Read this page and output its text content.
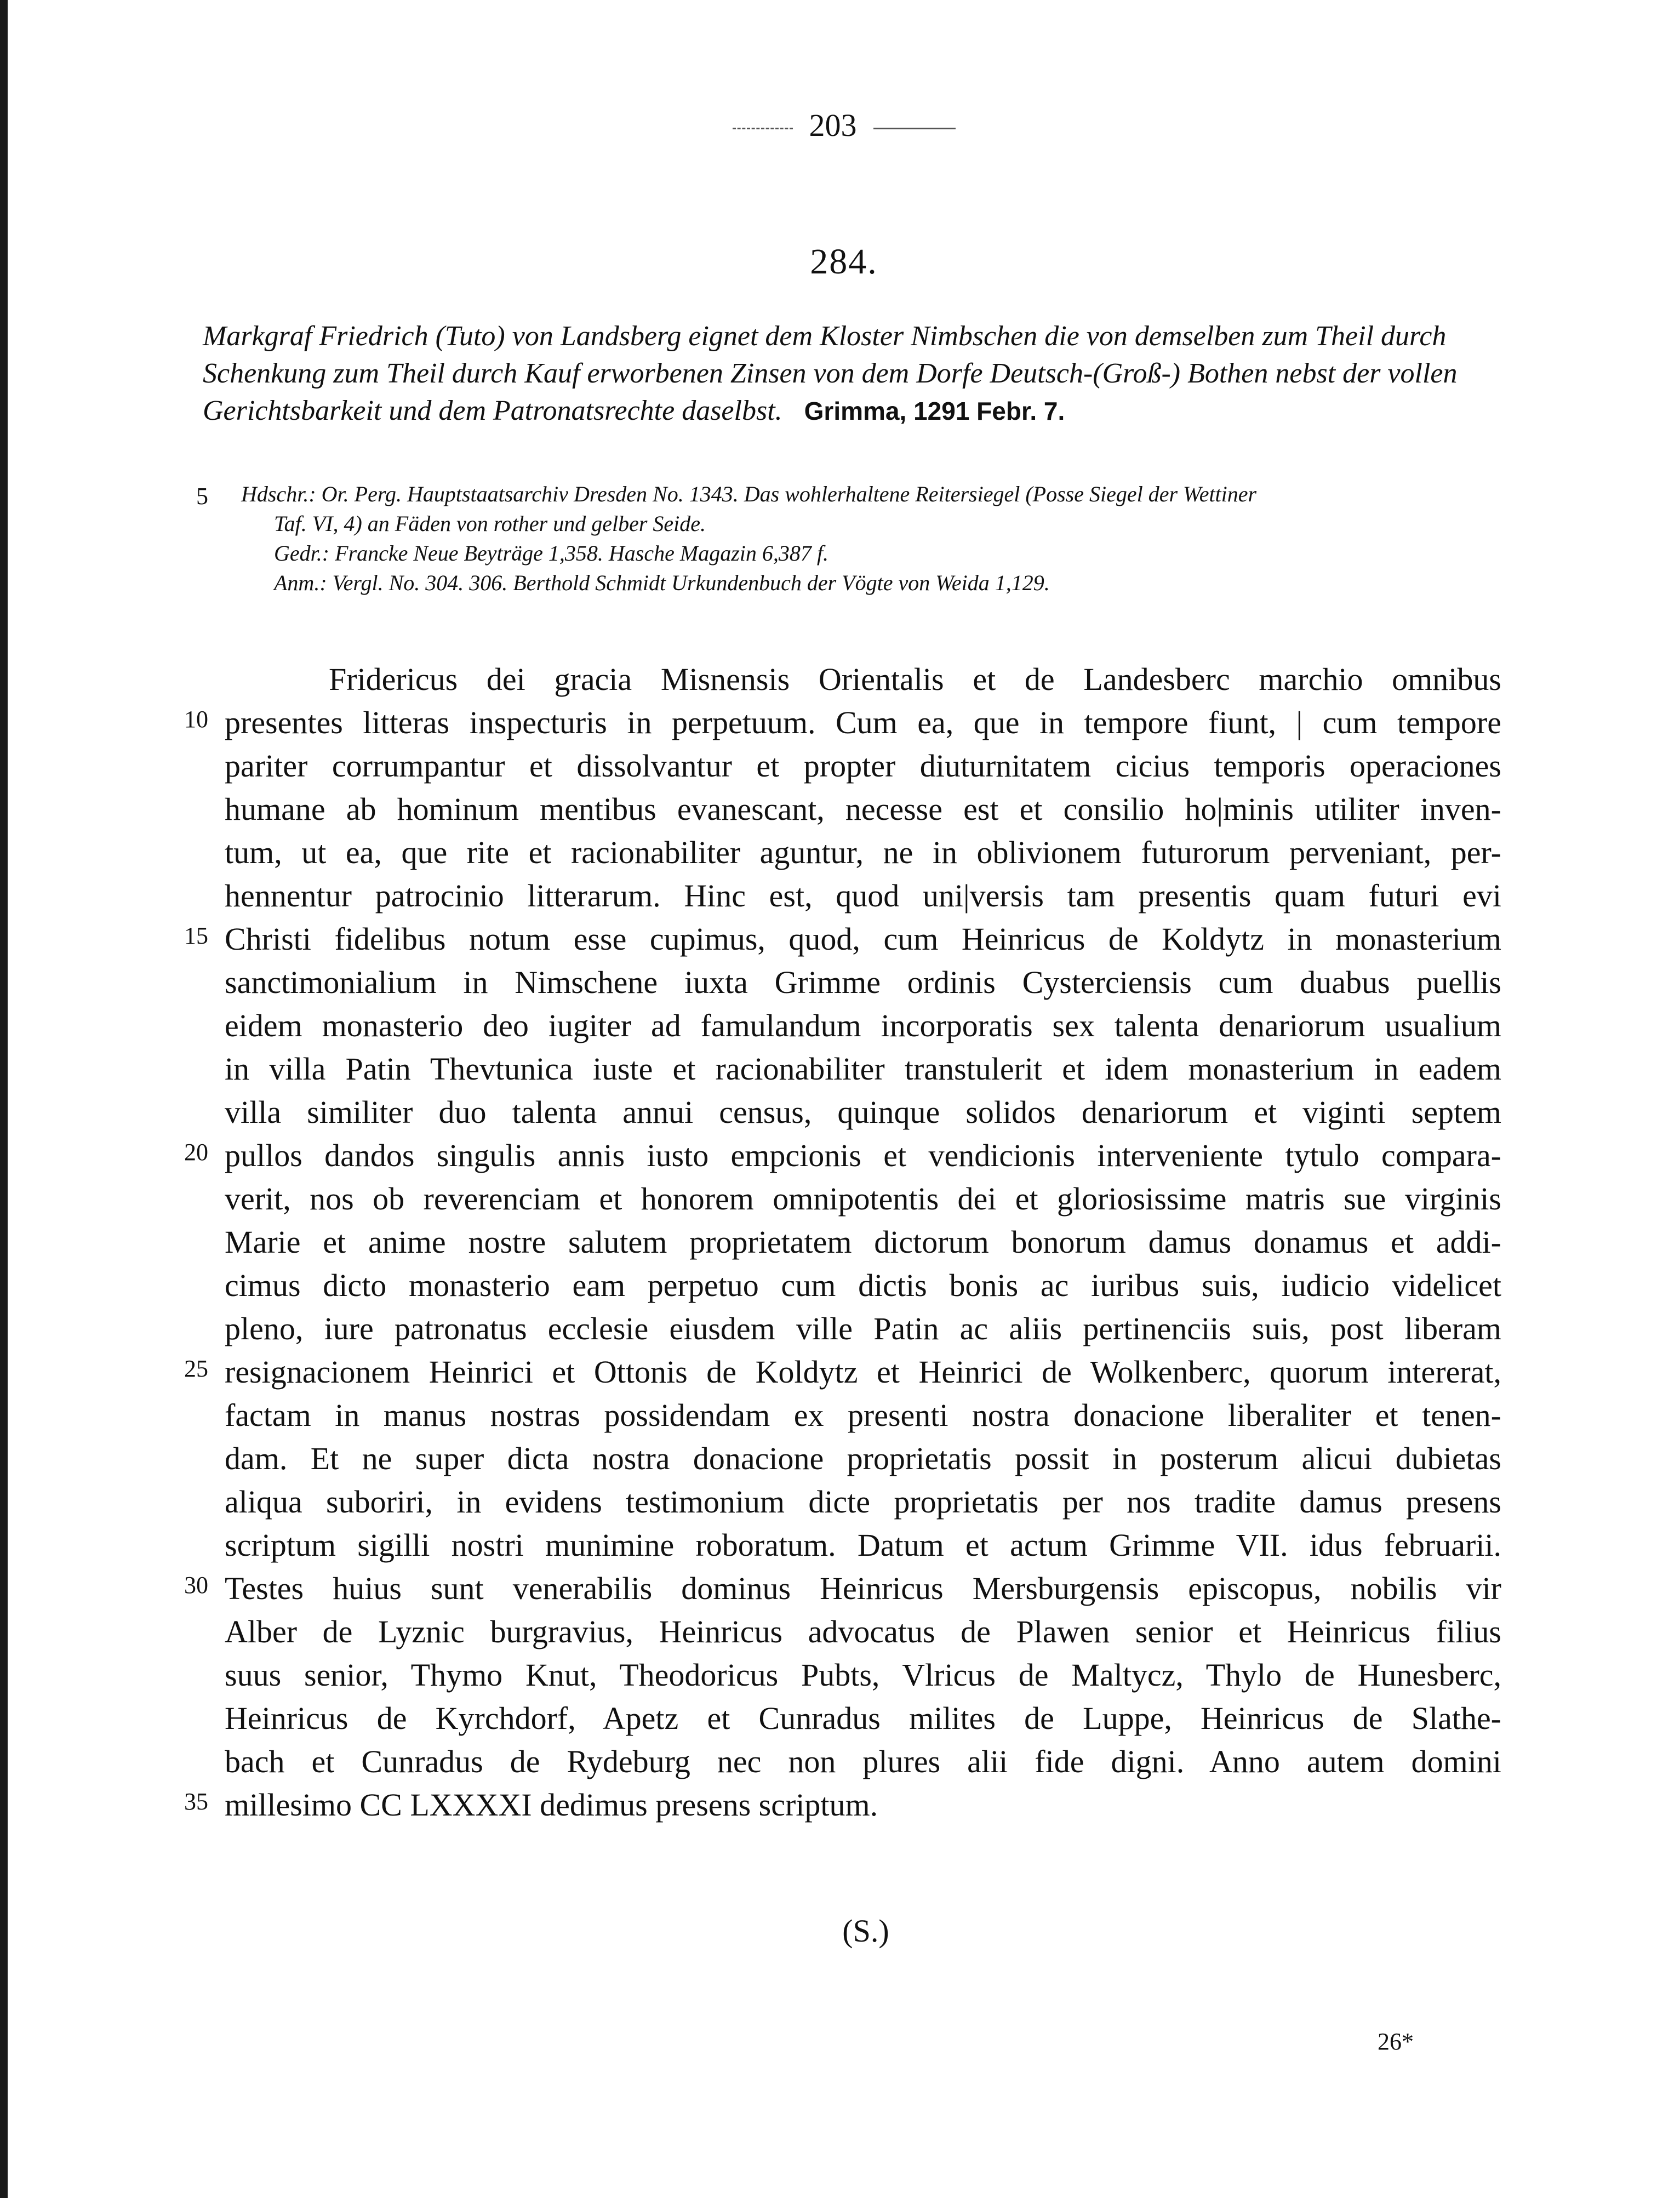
203
284.
Markgraf Friedrich (Tuto) von Landsberg eignet dem Kloster Nimbschen die von demselben zum Theil durch Schenkung zum Theil durch Kauf erworbenen Zinsen von dem Dorfe Deutsch-(Groß-) Bothen nebst der vollen Gerichtsbarkeit und dem Patronatsrechte daselbst. Grimma, 1291 Febr. 7.
5 Hdschr.: Or. Perg. Hauptstaatsarchiv Dresden No. 1343. Das wohlerhaltene Reitersiegel (Posse Siegel der Wettiner

Taf. VI, 4) an Fäden von rother und gelber Seide.

Gedr.: Francke Neue Beyträge 1,358. Hasche Magazin 6,387 f.

Anm.: Vergl. No. 304. 306. Berthold Schmidt Urkundenbuch der Vögte von Weida 1,129.

10
15
20
25
30
35
Fridericus dei gracia Misnensis Orientalis et de Landesberc marchio omnibus
presentes litteras inspecturis in perpetuum. Cum ea, que in tempore fiunt, | cum tempore
pariter corrumpantur et dissolvantur et propter diuturnitatem cicius temporis operaciones
humane ab hominum mentibus evanescant, necesse est et consilio ho|minis utiliter inven-
tum, ut ea, que rite et racionabiliter aguntur, ne in oblivionem futurorum perveniant, per-
hennentur patrocinio litterarum. Hinc est, quod uni|versis tam presentis quam futuri evi
Christi fidelibus notum esse cupimus, quod, cum Heinricus de Koldytz in monasterium
sanctimonialium in Nimschene iuxta Grimme ordinis Cysterciensis cum duabus puellis
eidem monasterio deo iugiter ad famulandum incorporatis sex talenta denariorum usualium
in villa Patin Thevtunica iuste et racionabiliter transtulerit et idem monasterium in eadem
villa similiter duo talenta annui census, quinque solidos denariorum et viginti septem
pullos dandos singulis annis iusto empcionis et vendicionis interveniente tytulo compara-
verit, nos ob reverenciam et honorem omnipotentis dei et gloriosissime matris sue virginis
Marie et anime nostre salutem proprietatem dictorum bonorum damus donamus et addi-
cimus dicto monasterio eam perpetuo cum dictis bonis ac iuribus suis, iudicio videlicet
pleno, iure patronatus ecclesie eiusdem ville Patin ac aliis pertinenciis suis, post liberam
resignacionem Heinrici et Ottonis de Koldytz et Heinrici de Wolkenberc, quorum intererat,
factam in manus nostras possidendam ex presenti nostra donacione liberaliter et tenen-
dam. Et ne super dicta nostra donacione proprietatis possit in posterum alicui dubietas
aliqua suboriri, in evidens testimonium dicte proprietatis per nos tradite damus presens
scriptum sigilli nostri munimine roboratum. Datum et actum Grimme VII. idus februarii.
Testes huius sunt venerabilis dominus Heinricus Mersburgensis episcopus, nobilis vir
Alber de Lyznic burgravius, Heinricus advocatus de Plawen senior et Heinricus filius
suus senior, Thymo Knut, Theodoricus Pubts, Vlricus de Maltycz, Thylo de Hunesberc,
Heinricus de Kyrchdorf, Apetz et Cunradus milites de Luppe, Heinricus de Slathe-
bach et Cunradus de Rydeburg nec non plures alii fide digni. Anno autem domini
millesimo CC LXXXXI dedimus presens scriptum.
(S.)
26*
